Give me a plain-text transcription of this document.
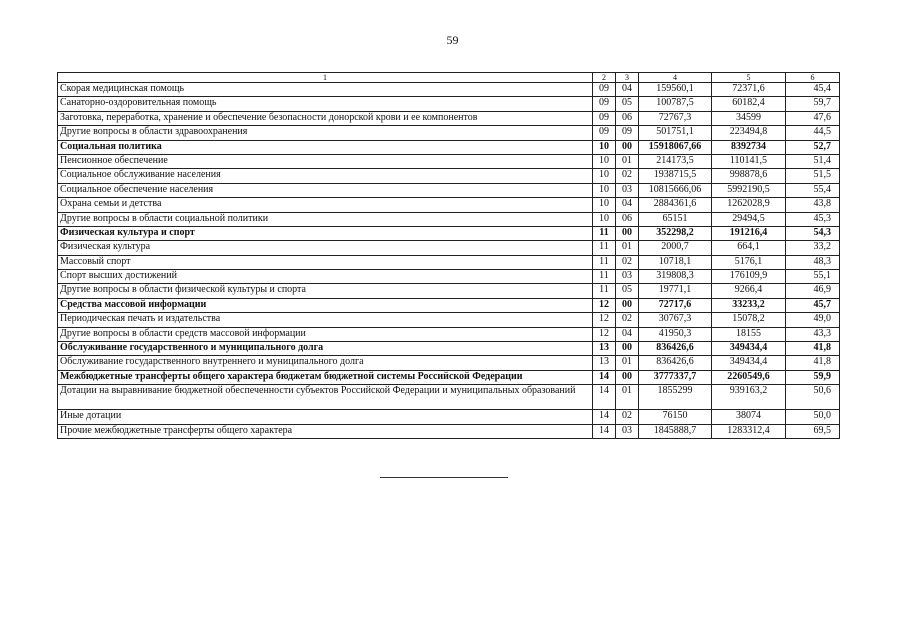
59
1	2	3	4	5	6
Скорая медицинская помощь	09	04	159560,1	72371,6	45,4
Санаторно-оздоровительная помощь	09	05	100787,5	60182,4	59,7
Заготовка, переработка, хранение и обеспечение безопасности донорской крови и ее компонентов	09	06	72767,3	34599	47,6
Другие вопросы в области здравоохранения	09	09	501751,1	223494,8	44,5
Социальная политика	10	00	15918067,66	8392734	52,7
Пенсионное обеспечение	10	01	214173,5	110141,5	51,4
Социальное обслуживание населения	10	02	1938715,5	998878,6	51,5
Социальное обеспечение населения	10	03	10815666,06	5992190,5	55,4
Охрана семьи и детства	10	04	2884361,6	1262028,9	43,8
Другие вопросы в области социальной политики	10	06	65151	29494,5	45,3
Физическая культура и спорт	11	00	352298,2	191216,4	54,3
Физическая культура	11	01	2000,7	664,1	33,2
Массовый спорт	11	02	10718,1	5176,1	48,3
Спорт высших достижений	11	03	319808,3	176109,9	55,1
Другие вопросы в области физической культуры и спорта	11	05	19771,1	9266,4	46,9
Средства массовой информации	12	00	72717,6	33233,2	45,7
Периодическая печать и издательства	12	02	30767,3	15078,2	49,0
Другие вопросы в области средств массовой информации	12	04	41950,3	18155	43,3
Обслуживание государственного и муниципального долга	13	00	836426,6	349434,4	41,8
Обслуживание государственного внутреннего и муниципального долга	13	01	836426,6	349434,4	41,8
Межбюджетные трансферты общего характера бюджетам бюджетной системы Российской Федерации	14	00	3777337,7	2260549,6	59,9
Дотации на выравнивание бюджетной обеспеченности субъектов Российской Федерации и муниципальных образований	14	01	1855299	939163,2	50,6
Иные дотации	14	02	76150	38074	50,0
Прочие межбюджетные трансферты общего характера	14	03	1845888,7	1283312,4	69,5
